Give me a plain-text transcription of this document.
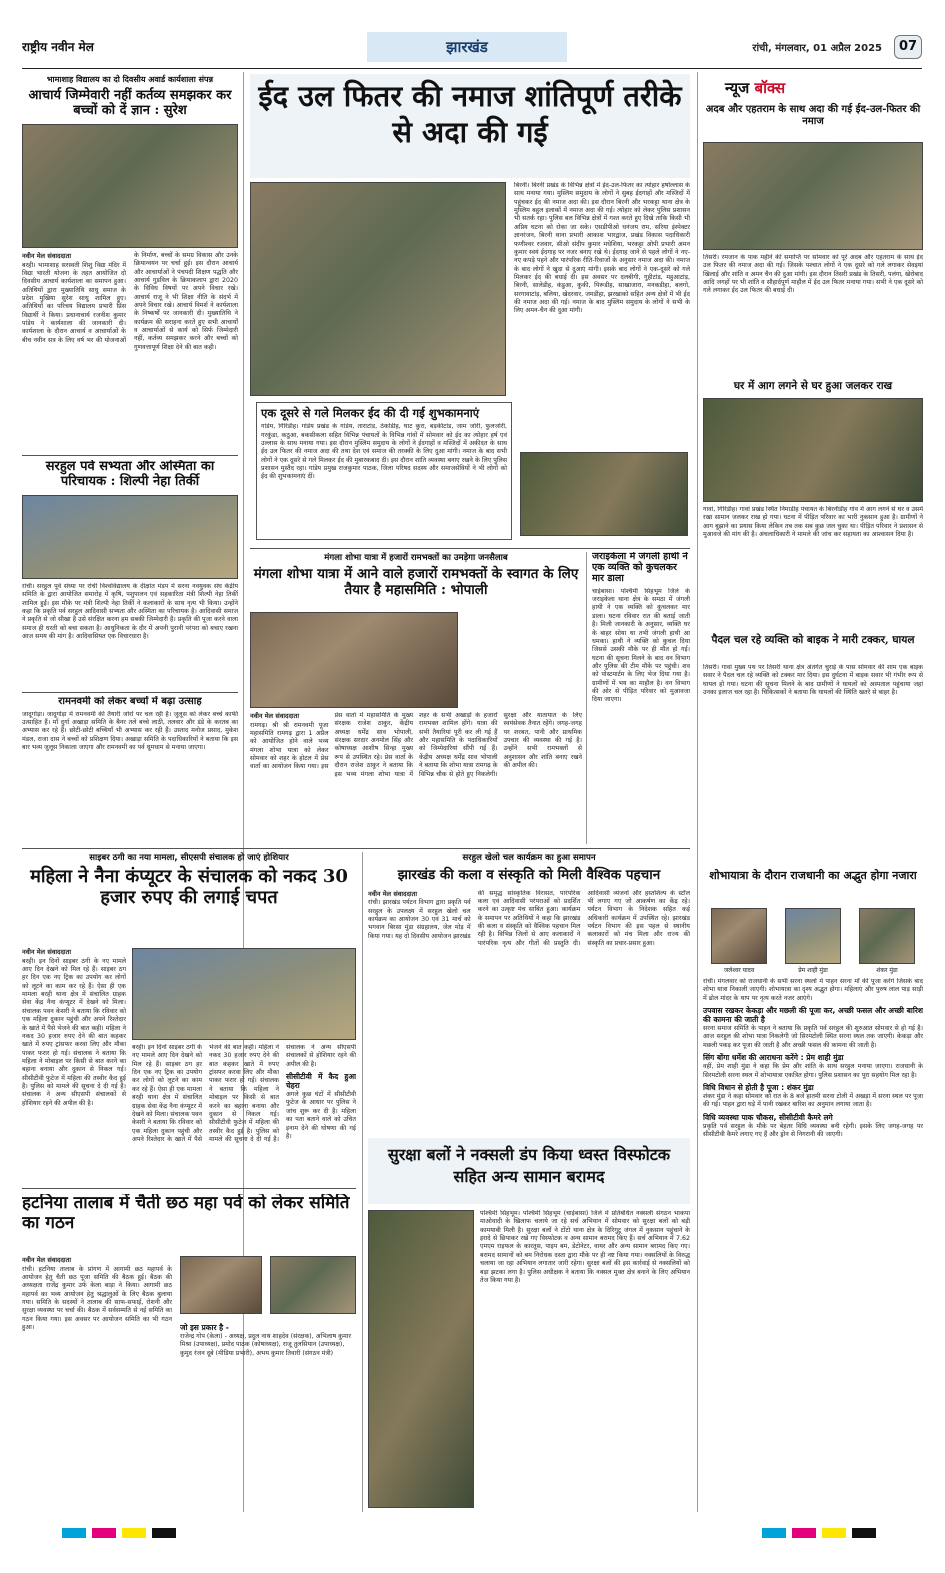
राष्ट्रीय नवीन मेल	झारखंड	रांची, मंगलवार, 01 अप्रैल 2025	07
भामाशाह विद्यालय का दो दिवसीय अवार्ड कार्यशाला संपन्न
आचार्य जिम्मेवारी नहीं कर्तव्य समझकर कर बच्चों को दें ज्ञान : सुरेश
नवीन मेल संवाददाता
बरही। भामाशाह सरस्वती शिशु विद्या मंदिर में विद्या भारती योजना के तहत आयोजित दो दिवसीय आचार्य कार्यशाला का समापन हुआ। अतिथियों द्वारा मुख्यातिथि साधु समाज के प्रदेश मुखिया सुरेश साधु शामिल हुए। अतिथियों का परिचय विद्यालय प्रभारी प्रिंस विद्यार्थी ने किया। प्रधानाचार्य रजनीश कुमार पांडेय ने कार्यशाला की जानकारी दी। कार्यशाला के दौरान आचार्य व आचार्याओं के बीच नवीन सत्र के लिए वर्ष भर की योजनाओं के निर्माण, बच्चों के समग्र विकास और उनके क्रियान्वयन पर चर्चा हुई। इस दौरान आचार्य और आचार्याओं ने पंचपदी शिक्षण पद्धति और आचार्य गुडविल के क्रियाकलाप द्वारा 2020 के विविध विषयों पर अपने विचार रखे। आचार्य राजू ने भी शिक्षा नीति के संदर्भ में अपने विचार रखे। आचार्य विमर्श ने कार्यशाला के निष्कर्षों पर जानकारी दी। मुख्यातिथि ने कार्यक्रम की सराहना करते हुए सभी आचार्यों व आचार्याओं से कार्य को सिर्फ जिम्मेदारी नहीं, कर्तव्य समझकर करने और बच्चों को गुणवत्तापूर्ण शिक्षा देने की बात कही।
सरहुल पर्व सभ्यता और अस्मिता का परिचायक : शिल्पी नेहा तिर्की
रांची। सरहुल पूर्व संध्या पर रांची विश्वविद्यालय के दीक्षांत मंडप में सरना नवयुवक संघ केंद्रीय समिति के द्वारा आयोजित समारोह में कृषि, पशुपालन एवं सहकारिता मंत्री शिल्पी नेहा तिर्की शामिल हुईं। इस मौके पर मंत्री शिल्पी नेहा तिर्की ने कलाकारों के साथ नृत्य भी किया। उन्होंने कहा कि प्रकृति पर्व सरहुल आदिवासी सभ्यता और अस्मिता का परिचायक है। आदिवासी समाज ने प्रकृति से जो सीखा है उसे संरक्षित करना हम सबकी जिम्मेदारी है। प्रकृति की पूजा करने वाला समाज ही धरती को बचा सकता है। आधुनिकता के दौर में अपनी पुरानी परंपरा को बचाए रखना आज समय की मांग है। आदिवासियत एक विचारधारा है।
रामनवमी को लेकर बच्चों में बढ़ा उत्साह
जादूगोड़ा। जादूगोड़ा में रामनवमी की तैयारी जोरों पर चल रही है। जुलूस को लेकर बच्चे काफी उत्साहित हैं। माँ दुर्गा अखाड़ा समिति के बैनर तले बच्चे लाठी, तलवार और डंडे के करतब का अभ्यास कर रहे हैं। छोटी-छोटी बच्चियाँ भी अभ्यास कर रही हैं। उस्ताद मनोज प्रसाद, मुकेश मंडल, राजा दास ने बच्चों को प्रशिक्षण दिया। अखाड़ा समिति के पदाधिकारियों ने बताया कि इस बार भव्य जुलूस निकाला जाएगा और रामनवमी का पर्व धूमधाम से मनाया जाएगा।
ईद उल फितर की नमाज शांतिपूर्ण तरीके से अदा की गई
बिरनी। बिरनी प्रखंड के विभिन्न क्षेत्रों में ईद-उल-फितर का त्योहार हर्षोल्लास के साथ मनाया गया। मुस्लिम समुदाय के लोगों ने सुबह ईदगाहों और मस्जिदों में पहुंचकर ईद की नमाज अदा की। इस दौरान बिरनी और भरकट्टा थाना क्षेत्र के मुस्लिम बहुल इलाकों में नमाज अदा की गई। त्योहार को लेकर पुलिस प्रशासन भी सतर्क रहा। पुलिस बल विभिन्न क्षेत्रों में गश्त करते हुए दिखे ताकि किसी भी अप्रिय घटना को रोका जा सके। एसडीपीओ धनंजय राम, सरिया इंस्पेक्टर ज्ञानरंजन, बिरनी थाना प्रभारी आकाश भारद्वाज, प्रखंड विकास पदाधिकारी फणीश्वर रजवार, सीओ संदीप कुमार मधेशिया, भरकट्टा ओपी प्रभारी अमन कुमार स्वयं ईदगाह पर नजर बनाए रखे थे। ईदगाह जाने से पहले लोगों ने नए-नए कपड़े पहने और पारंपरिक रीति-रिवाजों के अनुसार नमाज अदा की। नमाज के बाद लोगों ने खुदा से दुआएं मांगी। इसके बाद लोगों ने एक-दूसरे को गले मिलकर ईद की बधाई दी। इस अवसर पर दलबीगी, गुहीटांड, महुआटांड़, बिरनी, सालेडीह, कंडुआ, कुकी, पिरूडीह, साखाजारा, मनकडीहा, बलगो, सरगावाटांड़, बलिया, खेदरवार, जमडीहा, झरखाको सहित अन्य क्षेत्रों में भी ईद की नमाज अदा की गई। नमाज के बाद मुस्लिम समुदाय के लोगों ने सभी के लिए अमन-चैन की दुआ मांगी।
एक दूसरे से गले मिलकर ईद की दी गई शुभकामनाएं
गांडेय, गिरिडीह। गांडेय प्रखंड के गांडेय, ताराटांड, ठेकोडीह, घाट कुरा, बड़कीटांड, जाम जोरी, फुलजोरी, गरकुंडा, कठुआ, बकसीकला सहित विभिन्न पंचायतों के विभिन्न गांवों में सोमवार को ईद का त्योहार हर्ष एवं उल्लास के साथ मनाया गया। इस दौरान मुस्लिम समुदाय के लोगों ने ईदगाहों व मस्जिदों में अकीदत के साथ ईद उल फितर की नमाज अदा की तथा देश एवं समाज की तरक्की के लिए दुआ मांगी। नमाज के बाद सभी लोगों ने एक दूसरे से गले मिलकर ईद की मुबारकबाद दी। इस दौरान शांति व्यवस्था बनाए रखने के लिए पुलिस प्रशासन मुस्तैद रहा। गांडेय प्रमुख राजकुमार पाठक, जिला परिषद सदस्य और समाजसेवियों ने भी लोगों को ईद की शुभकामनाएं दीं।
मंगला शोभा यात्रा में हजारों रामभक्तों का उमड़ेगा जनसैलाब
मंगला शोभा यात्रा में आने वाले हजारों रामभक्तों के स्वागत के लिए तैयार है महासमिति : भोपाली
नवीन मेल संवाददाता
रामगढ़। श्री श्री रामनवमी पूजा महासमिति रामगढ़ द्वारा 1 अप्रैल को आयोजित होने वाले भव्य मंगला शोभा यात्रा को लेकर सोमवार को शहर के होटल में प्रेस वार्ता का आयोजन किया गया। इस प्रेस वार्ता में महासमिति के मुख्य संरक्षक राजेश ठाकुर, केंद्रीय अध्यक्ष धर्मेंद्र साव भोपाली, संरक्षक सरदार अनमोल सिंह और कोषाध्यक्ष आशीष सिन्हा मुख्य रूप से उपस्थित रहे। प्रेस वार्ता के दौरान राजेश ठाकुर ने बताया कि इस भव्य मंगला शोभा यात्रा में शहर के सभी अखाड़ों के हजारों रामभक्त शामिल होंगे। यात्रा की सभी तैयारियां पूरी कर ली गई हैं और महासमिति के पदाधिकारियों को जिम्मेदारियां सौंपी गई हैं। केंद्रीय अध्यक्ष धर्मेंद्र साव भोपाली ने बताया कि शोभा यात्रा रामगढ़ के विभिन्न चौक से होते हुए निकलेगी। सुरक्षा और यातायात के लिए स्वयंसेवक तैनात रहेंगे। जगह-जगह पर शरबत, पानी और प्राथमिक उपचार की व्यवस्था की गई है। उन्होंने सभी रामभक्तों से अनुशासन और शांति बनाए रखने की अपील की।
जराइकेला में जंगली हाथी ने एक व्यक्ति को कुचलकर मार डाला
चाईबासा। पश्चिमी सिंहभूम जिले के जराइकेला थाना क्षेत्र के समठा में जंगली हाथी ने एक व्यक्ति को कुचलकर मार डाला। घटना रविवार रात की बताई जाती है। मिली जानकारी के अनुसार, व्यक्ति घर के बाहर सोया था तभी जंगली हाथी आ धमका। हाथी ने व्यक्ति को कुचल दिया जिससे उसकी मौके पर ही मौत हो गई। घटना की सूचना मिलने के बाद वन विभाग और पुलिस की टीम मौके पर पहुंची। शव को पोस्टमार्टम के लिए भेज दिया गया है। ग्रामीणों में भय का माहौल है। वन विभाग की ओर से पीड़ित परिवार को मुआवजा दिया जाएगा।
साइबर ठगी का नया मामला, सीएसपी संचालक हो जाएं होशियार
महिला ने नैना कंप्यूटर के संचालक को नकद 30 हजार रुपए की लगाई चपत
नवीन मेल संवाददाता
बरही। इन दिनों साइबर ठगी के नए मामले आए दिन देखने को मिल रहे हैं। साइबर ठग हर दिन एक नए ट्रिक का उपयोग कर लोगों को लूटने का काम कर रहे हैं। ऐसा ही एक मामला बरही थाना क्षेत्र में संचालित ग्राहक सेवा केंद्र नैना कंप्यूटर में देखने को मिला। संचालक पवन केसरी ने बताया कि रविवार को एक महिला दुकान पहुंची और अपने रिश्तेदार के खाते में पैसे भेजने की बात कही। महिला ने नकद 30 हजार रुपए देने की बात कहकर खाते में रुपए ट्रांसफर करवा लिए और मौका पाकर फरार हो गई। संचालक ने बताया कि महिला ने मोबाइल पर किसी से बात करने का बहाना बनाया और दुकान से निकल गई। सीसीटीवी फुटेज में महिला की तस्वीर कैद हुई है। पुलिस को मामले की सूचना दे दी गई है। संचालक ने अन्य सीएसपी संचालकों से होशियार रहने की अपील की है।
बरही। इन दिनों साइबर ठगी के नए मामले आए दिन देखने को मिल रहे हैं। साइबर ठग हर दिन एक नए ट्रिक का उपयोग कर लोगों को लूटने का काम कर रहे हैं। ऐसा ही एक मामला बरही थाना क्षेत्र में संचालित ग्राहक सेवा केंद्र नैना कंप्यूटर में देखने को मिला। संचालक पवन केसरी ने बताया कि रविवार को एक महिला दुकान पहुंची और अपने रिश्तेदार के खाते में पैसे भेजने की बात कही। महिला ने नकद 30 हजार रुपए देने की बात कहकर खाते में रुपए ट्रांसफर करवा लिए और मौका पाकर फरार हो गई। संचालक ने बताया कि महिला ने मोबाइल पर किसी से बात करने का बहाना बनाया और दुकान से निकल गई। सीसीटीवी फुटेज में महिला की तस्वीर कैद हुई है। पुलिस को मामले की सूचना दे दी गई है। संचालक ने अन्य सीएसपी संचालकों से होशियार रहने की अपील की है।
सीसीटीवी में कैद हुआ चेहरा
अगले कुछ घंटों में सीसीटीवी फुटेज के आधार पर पुलिस ने जांच शुरू कर दी है। महिला का पता बताने वाले को उचित इनाम देने की घोषणा की गई है।
सरहुल खेलो चल कार्यक्रम का हुआ समापन
झारखंड की कला व संस्कृति को मिली वैश्विक पहचान
नवीन मेल संवाददाता
रांची। झारखंड पर्यटन विभाग द्वारा प्रकृति पर्व सरहुल के उपलक्ष्य में सरहुल खेलो चल कार्यक्रम का आयोजन 30 एवं 31 मार्च को भगवान बिरसा मुंडा संग्रहालय, जेल मोड़ में किया गया। यह दो दिवसीय आयोजन झारखंड की समृद्ध सांस्कृतिक विरासत, पारंपरिक कला एवं आदिवासी परंपराओं को प्रदर्शित करने का उत्कृष्ट मंच साबित हुआ। कार्यक्रम के समापन पर अतिथियों ने कहा कि झारखंड की कला व संस्कृति को वैश्विक पहचान मिल रही है। विभिन्न जिलों से आए कलाकारों ने पारंपरिक नृत्य और गीतों की प्रस्तुति दी। आदिवासी व्यंजनों और हस्तशिल्प के स्टॉल भी लगाए गए जो आकर्षण का केंद्र रहे। पर्यटन विभाग के निदेशक सहित कई अधिकारी कार्यक्रम में उपस्थित रहे। झारखंड पर्यटन विभाग की इस पहल से स्थानीय कलाकारों को मंच मिला और राज्य की संस्कृति का प्रचार-प्रसार हुआ।
हटनिया तालाब में चैती छठ महा पर्व को लेकर समिति का गठन
नवीन मेल संवाददाता
रांची। हटनिया तालाब के प्रांगण में आगामी छठ महापर्व के आयोजन हेतु चैती छठ पूजा समिति की बैठक हुई। बैठक की अध्यक्षता राजेंद्र कुमार उर्फ केला बाड़ा ने किया। आगामी छठ महापर्व का भव्य आयोजन हेतु श्रद्धालुओं के लिए बैठक बुलाया गया। समिति के सदस्यों ने तालाब की साफ-सफाई, रोशनी और सुरक्षा व्यवस्था पर चर्चा की। बैठक में सर्वसम्मति से नई समिति का गठन किया गया। इस अवसर पर आयोजन समिति का भी गठन हुआ।	जो इस प्रकार है -
राजेन्द्र गोप (केला) - अध्यक्ष, प्रदुल नाथ शाहदेव (संरक्षक), अभिलाष कुमार मिश्रा (उपाध्यक्ष), प्रमोद पाठक (कोषाध्यक्ष), राजू तुलसियान (उपाध्यक्ष), कुमुद रंजन दूबे (मीडिया प्रभारी), अभय कुमार तिवारी (संगठन मंत्री)
सुरक्षा बलों ने नक्सली डंप किया ध्वस्त विस्फोटक सहित अन्य सामान बरामद
पश्चिमी सिंहभूम। पश्चिमी सिंहभूम (चाईबासा) जिले में प्रतिबंधित नक्सली संगठन भाकपा माओवादी के खिलाफ चलाये जा रहे सर्च अभियान में सोमवार को सुरक्षा बलों को बड़ी कामयाबी मिली है। सुरक्षा बलों ने टोंटो थाना क्षेत्र के दिरिगुटू जंगल में नुकसान पहुंचाने के इरादे से छिपाकर रखे गए विस्फोटक व अन्य सामान बरामद किए हैं। सर्च अभियान में 7.62 एमएम राइफल के कारतूस, पाइप बम, डेटोनेटर, वायर और अन्य सामान बरामद किए गए। बरामद सामानों को बम निरोधक दस्ता द्वारा मौके पर ही नष्ट किया गया। नक्सलियों के विरुद्ध चलाया जा रहा अभियान लगातार जारी रहेगा। सुरक्षा बलों की इस कार्रवाई से नक्सलियों को बड़ा झटका लगा है। पुलिस अधीक्षक ने बताया कि नक्सल मुक्त क्षेत्र बनाने के लिए अभियान तेज किया गया है।
न्यूज बॉक्स
अदब और एहतराम के साथ अदा की गई ईद-उल-फितर की नमाज
तिसरी। रमजान के पाक महीने की समाप्ति पर सोमवार को पूरे अदब और एहतराम के साथ ईद उल फितर की नमाज अदा की गई। जिसके पश्चात लोगों ने एक दूसरे को गले लगाकर सेवइयां खिलाई और शांति व अमन चैन की दुआ मांगी। इस दौरान तिसरी प्रखंड के तिसरी, पलंगा, खेरोबाद आदि जगहों पर भी शांति व सौहार्दपूर्ण माहौल में ईद उल फितर मनाया गया। सभी ने एक दूसरे को गले लगाकर ईद उल फितर की बधाई दी।
घर में आग लगने से घर हुआ जलकर राख
गावां, गिरिडीह। गावां प्रखंड स्थित निमाडीह पंचायत के बिरनीडीह गांव में आग लगने से घर व उसमें रखा सामान जलकर राख हो गया। घटना में पीड़ित परिवार का भारी नुकसान हुआ है। ग्रामीणों ने आग बुझाने का प्रयास किया लेकिन तब तक सब कुछ जल चुका था। पीड़ित परिवार ने प्रशासन से मुआवजे की मांग की है। अंचलाधिकारी ने मामले की जांच कर सहायता का आश्वासन दिया है।
पैदल चल रहे व्यक्ति को बाइक ने मारी टक्कर, घायल
तिसरी। गावां मुख्य पथ पर तिसरी थाना क्षेत्र अंतर्गत चुराई के पास सोमवार की शाम एक बाइक सवार ने पैदल चल रहे व्यक्ति को टक्कर मार दिया। इस दुर्घटना में बाइक सवार भी गंभीर रूप से घायल हो गया। घटना की सूचना मिलने के बाद ग्रामीणों ने घायलों को अस्पताल पहुंचाया जहां उनका इलाज चल रहा है। चिकित्सकों ने बताया कि घायलों की स्थिति खतरे से बाहर है।
शोभायात्रा के दौरान राजधानी का अद्भुत होगा नजारा
जलेश्वर यादव	प्रेम शाही मुंडा	शंकर मुंडा
रांची। मंगलवार को राजधानी के सभी सरना स्थलों में पाहन सरना माँ की पूजा करेंगे जिसके बाद शोभा यात्रा निकाली जाएगी। शोभायात्रा का दृश्य अद्भुत होगा। महिलाएं और पुरुष लाल पाड़ साड़ी में ढोल मांदर के थाप पर नृत्य करते नजर आएंगे।
उपवास रखकर केकड़ा और मछली की पूजा कर, अच्छी फसल और अच्छी बारिश की कामना की जाती है
सरना समाज समिति के पाहन ने बताया कि प्रकृति पर्व सरहुल की शुरुआत सोमवार से हो गई है। आज सरहुल की शोभा यात्रा निकलेगी जो सिरमटोली स्थित सरना स्थल तक जाएगी। केकड़ा और मछली पकड़ कर पूजा की जाती है और अच्छी फसल की कामना की जाती है।
सिंग बोंगा धर्मेश की आराधना करेंगे : प्रेम शाही मुंडा
वहीं, प्रेम शाही मुंडा ने कहा कि प्रेम और शांति के साथ सरहुल मनाया जाएगा। राजधानी के सिरमटोली सरना स्थल में शोभायात्रा एकत्रित होगा। पुलिस प्रशासन का पूरा सहयोग मिल रहा है।
विधि विधान से होती है पूजा : शंकर मुंडा
शंकर मुंडा ने कहा सोमवार को रात के 8 बजे हातमी सरना टोली में अखड़ा में सरना स्थल पर पूजा की गई। पाहन द्वारा घड़े में पानी रखकर बारिश का अनुमान लगाया जाता है।
विधि व्यवस्था पाक चौकस, सीसीटीवी कैमरे लगे
प्रकृति पर्व सरहुल के मौके पर बेहतर विधि व्यवस्था बनी रहेगी। इसके लिए जगह-जगह पर सीसीटीवी कैमरे लगाए गए हैं और ड्रोन से निगरानी की जाएगी।
